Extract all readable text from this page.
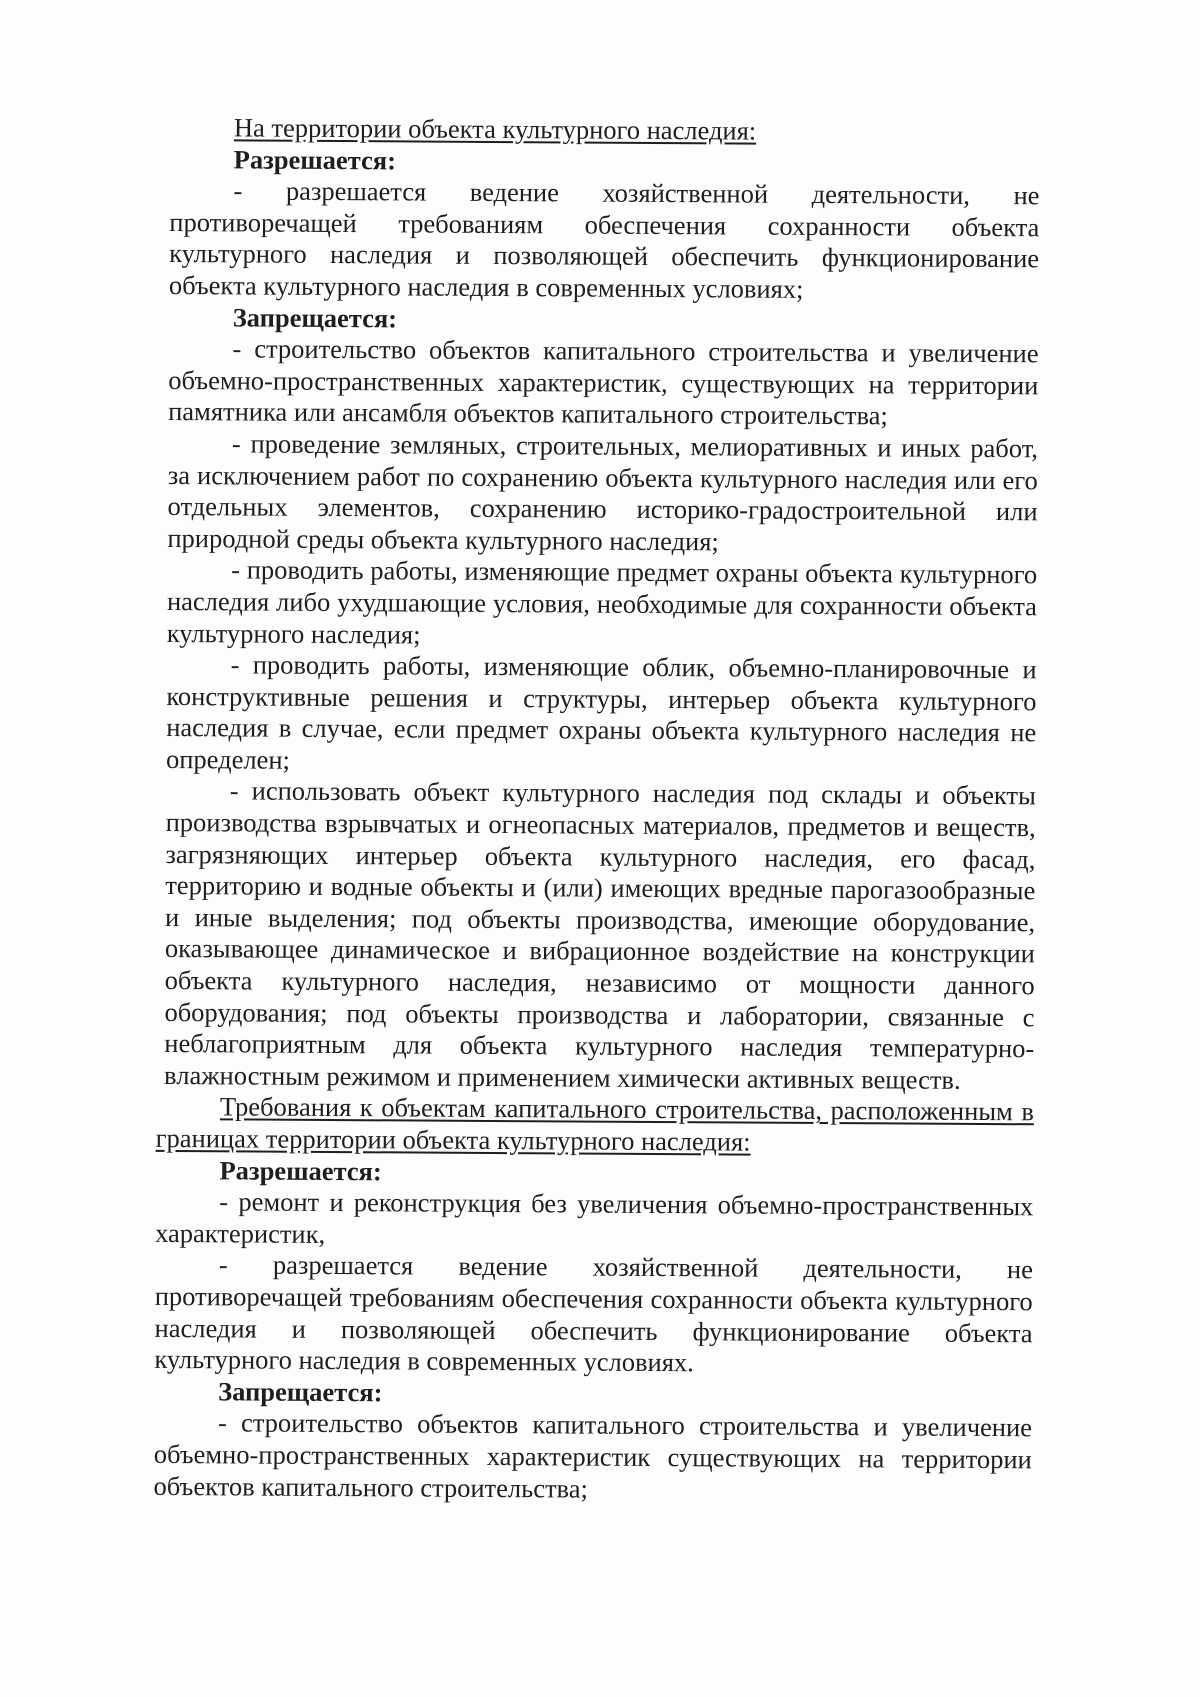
На территории объекта культурного наследия:

Разрешается:

- разрешается ведение хозяйственной деятельности, не противоречащей требованиям обеспечения сохранности объекта культурного наследия и позволяющей обеспечить функционирование объекта культурного наследия в современных условиях;

Запрещается:

- строительство объектов капитального строительства и увеличение объемно-пространственных характеристик, существующих на территории памятника или ансамбля объектов капитального строительства;

- проведение земляных, строительных, мелиоративных и иных работ, за исключением работ по сохранению объекта культурного наследия или его отдельных элементов, сохранению историко-градостроительной или природной среды объекта культурного наследия;

- проводить работы, изменяющие предмет охраны объекта культурного наследия либо ухудшающие условия, необходимые для сохранности объекта культурного наследия;

- проводить работы, изменяющие облик, объемно-планировочные и конструктивные решения и структуры, интерьер объекта культурного наследия в случае, если предмет охраны объекта культурного наследия не определен;

- использовать объект культурного наследия под склады и объекты производства взрывчатых и огнеопасных материалов, предметов и веществ, загрязняющих интерьер объекта культурного наследия, его фасад, территорию и водные объекты и (или) имеющих вредные парогазообразные и иные выделения; под объекты производства, имеющие оборудование, оказывающее динамическое и вибрационное воздействие на конструкции объекта культурного наследия, независимо от мощности данного оборудования; под объекты производства и лаборатории, связанные с неблагоприятным для объекта культурного наследия температурно-влажностным режимом и применением химически активных веществ.

Требования к объектам капитального строительства, расположенным в границах территории объекта культурного наследия:

Разрешается:

- ремонт и реконструкция без увеличения объемно-пространственных характеристик,

- разрешается ведение хозяйственной деятельности, не противоречащей требованиям обеспечения сохранности объекта культурного наследия и позволяющей обеспечить функционирование объекта культурного наследия в современных условиях.

Запрещается:

- строительство объектов капитального строительства и увеличение объемно-пространственных характеристик существующих на территории объектов капитального строительства;
